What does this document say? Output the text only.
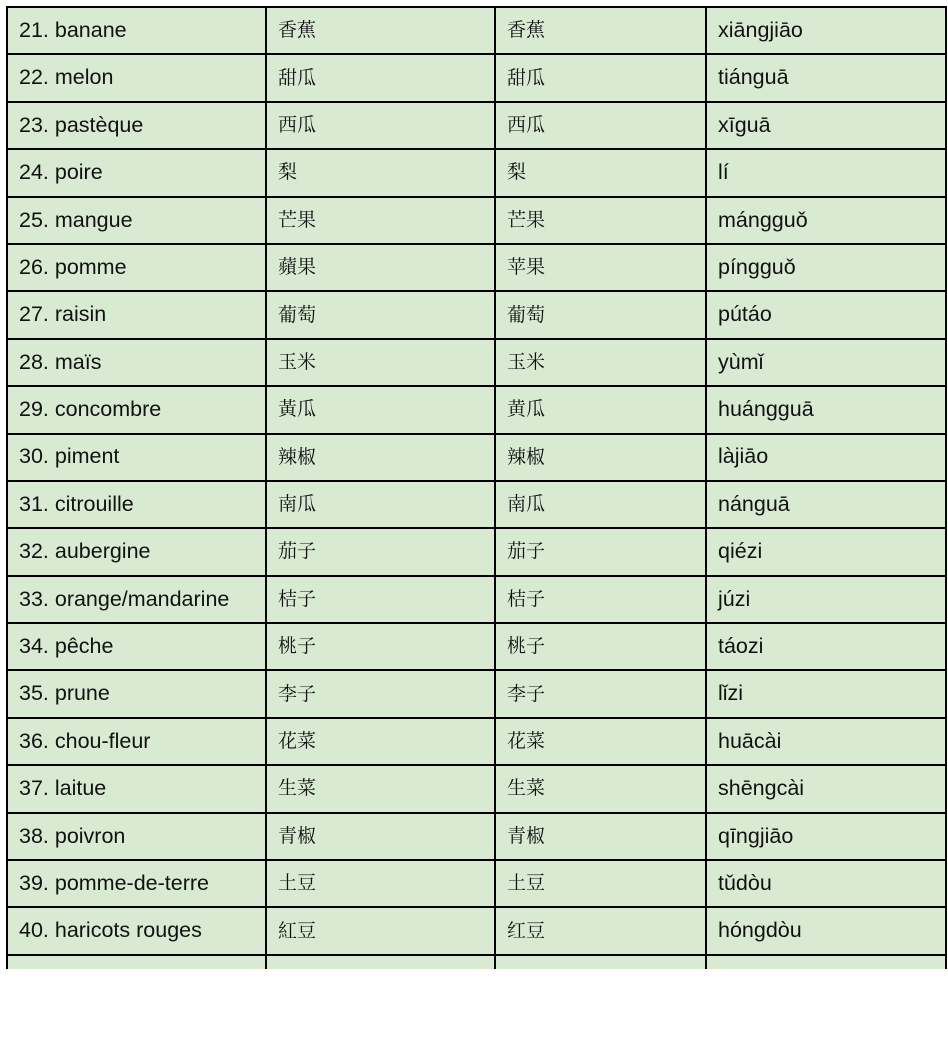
21. banane	香蕉	香蕉	xiāngjiāo
22. melon	甜瓜	甜瓜	tiánguā
23. pastèque	西瓜	西瓜	xīguā
24. poire	梨	梨	lí
25. mangue	芒果	芒果	mángguǒ
26. pomme	蘋果	苹果	píngguǒ
27. raisin	葡萄	葡萄	pútáo
28. maïs	玉米	玉米	yùmǐ
29. concombre	黃瓜	黄瓜	huángguā
30. piment	辣椒	辣椒	làjiāo
31. citrouille	南瓜	南瓜	nánguā
32. aubergine	茄子	茄子	qiézi
33. orange/mandarine	桔子	桔子	júzi
34. pêche	桃子	桃子	táozi
35. prune	李子	李子	lǐzi
36. chou-fleur	花菜	花菜	huācài
37. laitue	生菜	生菜	shēngcài
38. poivron	青椒	青椒	qīngjiāo
39. pomme-de-terre	土豆	土豆	tǔdòu
40. haricots rouges	紅豆	红豆	hóngdòu
